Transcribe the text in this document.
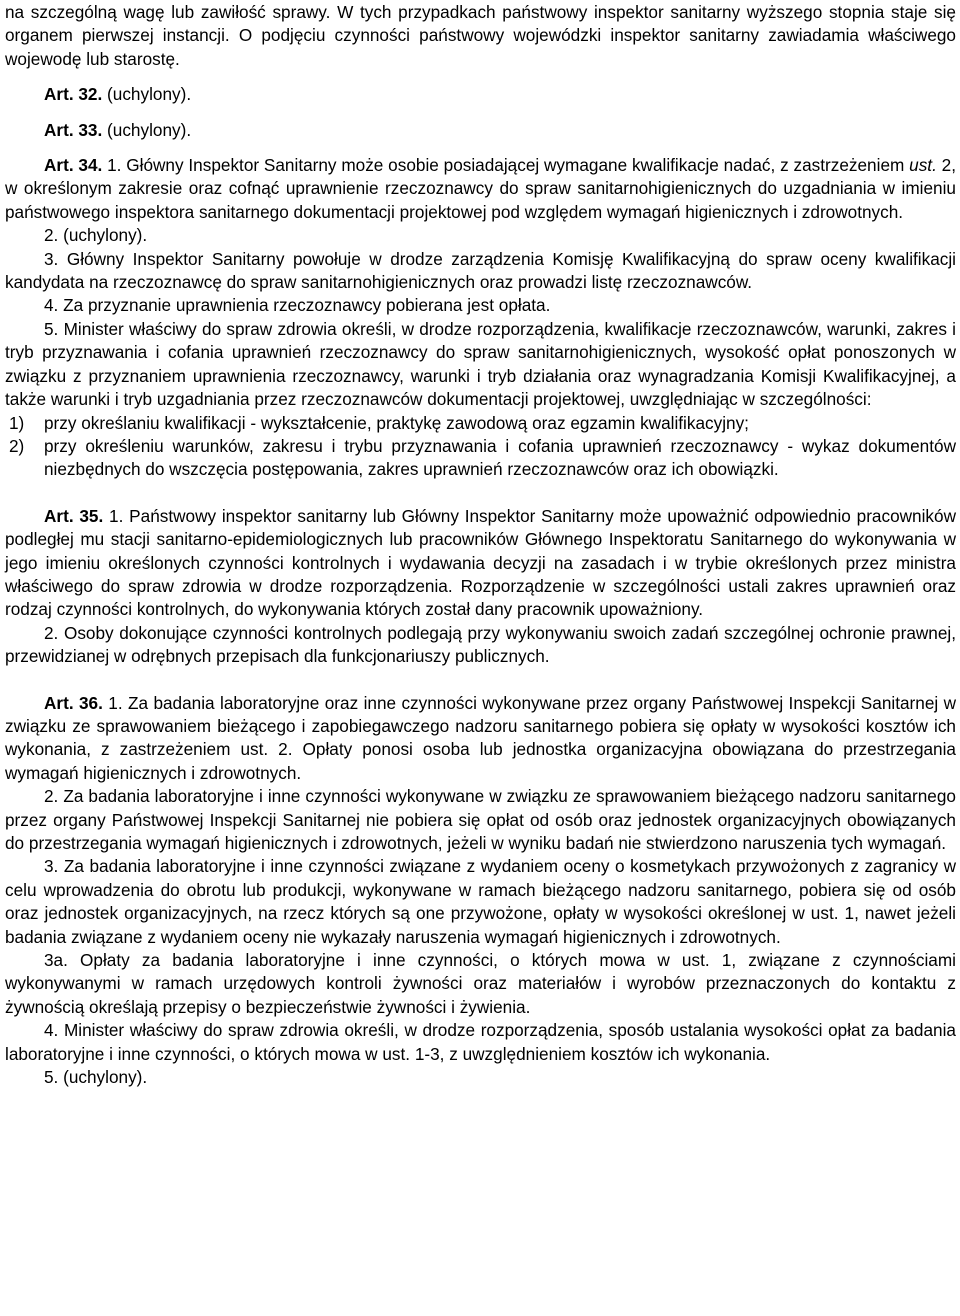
na szczególną wagę lub zawiłość sprawy. W tych przypadkach państwowy inspektor sanitarny wyższego stopnia staje się organem pierwszej instancji. O podjęciu czynności państwowy wojewódzki inspektor sanitarny zawiadamia właściwego wojewodę lub starostę.

Art. 32. (uchylony).

Art. 33. (uchylony).

Art. 34. 1. Główny Inspektor Sanitarny może osobie posiadającej wymagane kwalifikacje nadać, z zastrzeżeniem ust. 2, w określonym zakresie oraz cofnąć uprawnienie rzeczoznawcy do spraw sanitarnohigienicznych do uzgadniania w imieniu państwowego inspektora sanitarnego dokumentacji projektowej pod względem wymagań higienicznych i zdrowotnych.

2. (uchylony).

3. Główny Inspektor Sanitarny powołuje w drodze zarządzenia Komisję Kwalifikacyjną do spraw oceny kwalifikacji kandydata na rzeczoznawcę do spraw sanitarnohigienicznych oraz prowadzi listę rzeczoznawców.

4. Za przyznanie uprawnienia rzeczoznawcy pobierana jest opłata.

5. Minister właściwy do spraw zdrowia określi, w drodze rozporządzenia, kwalifikacje rzeczoznawców, warunki, zakres i tryb przyznawania i cofania uprawnień rzeczoznawcy do spraw sanitarnohigienicznych, wysokość opłat ponoszonych w związku z przyznaniem uprawnienia rzeczoznawcy, warunki i tryb działania oraz wynagradzania Komisji Kwalifikacyjnej, a także warunki i tryb uzgadniania przez rzeczoznawców dokumentacji projektowej, uwzględniając w szczególności:

1)	przy określaniu kwalifikacji - wykształcenie, praktykę zawodową oraz egzamin kwalifikacyjny;
2)	przy określeniu warunków, zakresu i trybu przyznawania i cofania uprawnień rzeczoznawcy - wykaz dokumentów niezbędnych do wszczęcia postępowania, zakres uprawnień rzeczoznawców oraz ich obowiązki.

Art. 35. 1. Państwowy inspektor sanitarny lub Główny Inspektor Sanitarny może upoważnić odpowiednio pracowników podległej mu stacji sanitarno-epidemiologicznych lub pracowników Głównego Inspektoratu Sanitarnego do wykonywania w jego imieniu określonych czynności kontrolnych i wydawania decyzji na zasadach i w trybie określonych przez ministra właściwego do spraw zdrowia w drodze rozporządzenia. Rozporządzenie w szczególności ustali zakres uprawnień oraz rodzaj czynności kontrolnych, do wykonywania których został dany pracownik upoważniony.

2. Osoby dokonujące czynności kontrolnych podlegają przy wykonywaniu swoich zadań szczególnej ochronie prawnej, przewidzianej w odrębnych przepisach dla funkcjonariuszy publicznych.

Art. 36. 1. Za badania laboratoryjne oraz inne czynności wykonywane przez organy Państwowej Inspekcji Sanitarnej w związku ze sprawowaniem bieżącego i zapobiegawczego nadzoru sanitarnego pobiera się opłaty w wysokości kosztów ich wykonania, z zastrzeżeniem ust. 2. Opłaty ponosi osoba lub jednostka organizacyjna obowiązana do przestrzegania wymagań higienicznych i zdrowotnych.

2. Za badania laboratoryjne i inne czynności wykonywane w związku ze sprawowaniem bieżącego nadzoru sanitarnego przez organy Państwowej Inspekcji Sanitarnej nie pobiera się opłat od osób oraz jednostek organizacyjnych obowiązanych do przestrzegania wymagań higienicznych i zdrowotnych, jeżeli w wyniku badań nie stwierdzono naruszenia tych wymagań.

3. Za badania laboratoryjne i inne czynności związane z wydaniem oceny o kosmetykach przywożonych z zagranicy w celu wprowadzenia do obrotu lub produkcji, wykonywane w ramach bieżącego nadzoru sanitarnego, pobiera się od osób oraz jednostek organizacyjnych, na rzecz których są one przywożone, opłaty w wysokości określonej w ust. 1, nawet jeżeli badania związane z wydaniem oceny nie wykazały naruszenia wymagań higienicznych i zdrowotnych.

3a. Opłaty za badania laboratoryjne i inne czynności, o których mowa w ust. 1, związane z czynnościami wykonywanymi w ramach urzędowych kontroli żywności oraz materiałów i wyrobów przeznaczonych do kontaktu z żywnością określają przepisy o bezpieczeństwie żywności i żywienia.

4. Minister właściwy do spraw zdrowia określi, w drodze rozporządzenia, sposób ustalania wysokości opłat za badania laboratoryjne i inne czynności, o których mowa w ust. 1-3, z uwzględnieniem kosztów ich wykonania.

5. (uchylony).
